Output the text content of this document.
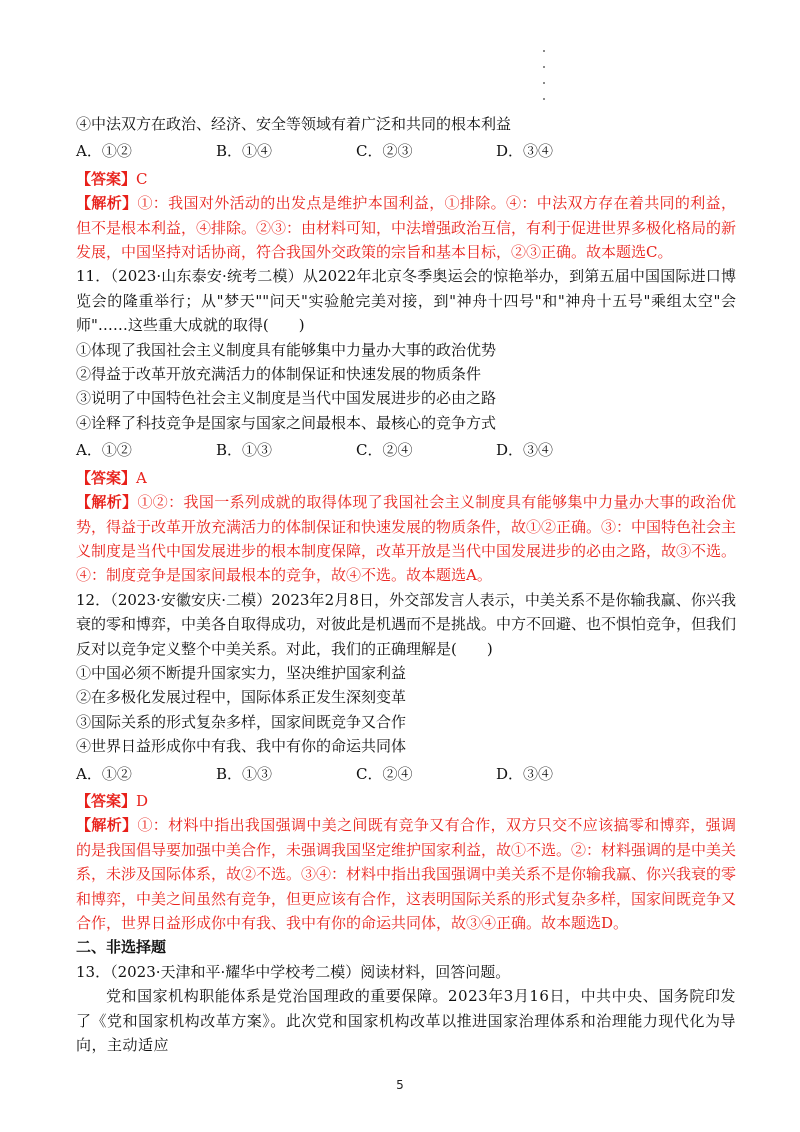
④中法双方在政治、经济、安全等领域有着广泛和共同的根本利益
A．①②	B．①④	C．②③	D．③④
【答案】C
【解析】①：我国对外活动的出发点是维护本国利益，①排除。④：中法双方存在着共同的利益，但不是根本利益，④排除。②③：由材料可知，中法增强政治互信，有利于促进世界多极化格局的新发展，中国坚持对话协商，符合我国外交政策的宗旨和基本目标，②③正确。故本题选C。
11．（2023·山东泰安·统考二模）从2022年北京冬季奥运会的惊艳举办，到第五届中国国际进口博览会的隆重举行；从"梦天""问天"实验舱完美对接，到"神舟十四号"和"神舟十五号"乘组太空"会师"……这些重大成就的取得(　　)
①体现了我国社会主义制度具有能够集中力量办大事的政治优势
②得益于改革开放充满活力的体制保证和快速发展的物质条件
③说明了中国特色社会主义制度是当代中国发展进步的必由之路
④诠释了科技竞争是国家与国家之间最根本、最核心的竞争方式
A．①②	B．①③	C．②④	D．③④
【答案】A
【解析】①②：我国一系列成就的取得体现了我国社会主义制度具有能够集中力量办大事的政治优势，得益于改革开放充满活力的体制保证和快速发展的物质条件，故①②正确。③：中国特色社会主义制度是当代中国发展进步的根本制度保障，改革开放是当代中国发展进步的必由之路，故③不选。④：制度竞争是国家间最根本的竞争，故④不选。故本题选A。
12．（2023·安徽安庆·二模）2023年2月8日，外交部发言人表示，中美关系不是你输我赢、你兴我衰的零和博弈，中美各自取得成功，对彼此是机遇而不是挑战。中方不回避、也不惧怕竞争，但我们反对以竞争定义整个中美关系。对此，我们的正确理解是(　　)
①中国必须不断提升国家实力，坚决维护国家利益
②在多极化发展过程中，国际体系正发生深刻变革
③国际关系的形式复杂多样，国家间既竞争又合作
④世界日益形成你中有我、我中有你的命运共同体
A．①②	B．①③	C．②④	D．③④
【答案】D
【解析】①：材料中指出我国强调中美之间既有竞争又有合作，双方只交不应该搞零和博弈，强调的是我国倡导要加强中美合作，未强调我国坚定维护国家利益，故①不选。②：材料强调的是中美关系，未涉及国际体系，故②不选。③④：材料中指出我国强调中美关系不是你输我赢、你兴我衰的零和博弈，中美之间虽然有竞争，但更应该有合作，这表明国际关系的形式复杂多样，国家间既竞争又合作，世界日益形成你中有我、我中有你的命运共同体，故③④正确。故本题选D。
二、非选择题
13．（2023·天津和平·耀华中学校考二模）阅读材料，回答问题。
党和国家机构职能体系是党治国理政的重要保障。2023年3月16日，中共中央、国务院印发了《党和国家机构改革方案》。此次党和国家机构改革以推进国家治理体系和治理能力现代化为导向，主动适应
5
